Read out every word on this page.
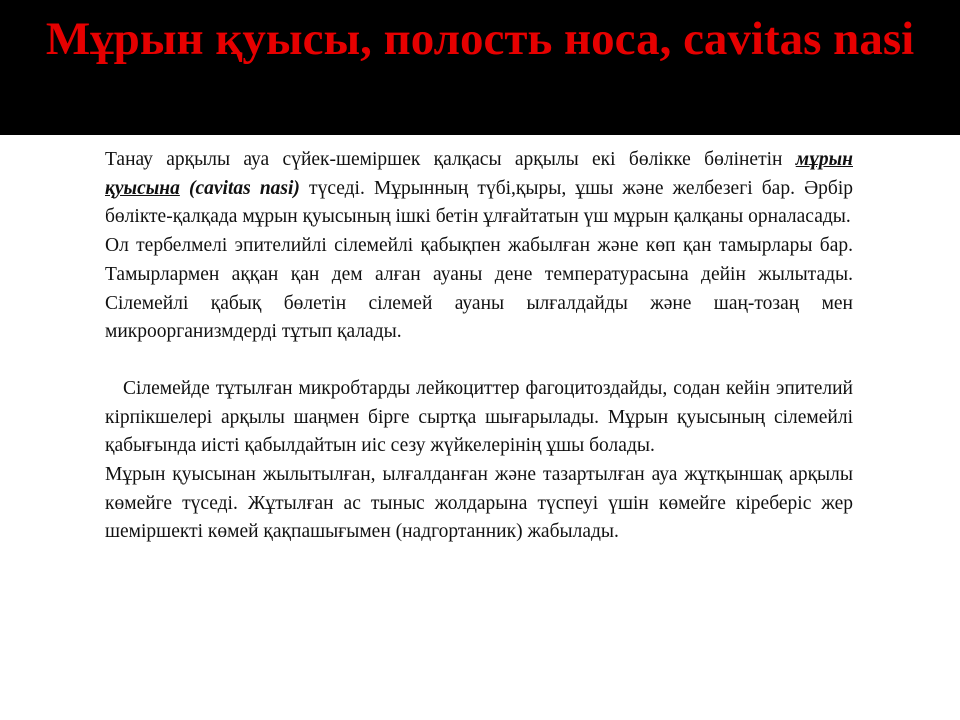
Мұрын қуысы, полость носа, cavitas nasi

Танау арқылы ауа сүйек-шеміршек қалқасы арқылы екі бөлікке бөлінетін мұрын қуысына (cavitas nasi) түседі. Мұрынның түбі,қыры, ұшы және желбезегі бар. Әрбір бөлікте-қалқада мұрын қуысының ішкі бетін ұлғайтатын үш мұрын қалқаны орналасады.

Ол тербелмелі эпителийлі сілемейлі қабықпен жабылған және көп қан тамырлары бар. Тамырлармен аққан қан дем алған ауаны дене температурасына дейін жылытады. Сілемейлі қабық бөлетін сілемей ауаны ылғалдайды және шаң-тозаң мен микроорганизмдерді тұтып қалады.

Сілемейде тұтылған микробтарды лейкоциттер фагоцитоздайды, содан кейін эпителий кірпікшелері арқылы шаңмен бірге сыртқа шығарылады. Мұрын қуысының сілемейлі қабығында иісті қабылдайтын иіс сезу жүйкелерінің ұшы болады.

Мұрын қуысынан жылытылған, ылғалданған және тазартылған ауа жұтқыншақ арқылы көмейге түседі. Жұтылған ас тыныс жолдарына түспеуі үшін көмейге кіреберіс жер шеміршекті көмей қақпашығымен (надгортанник) жабылады.
